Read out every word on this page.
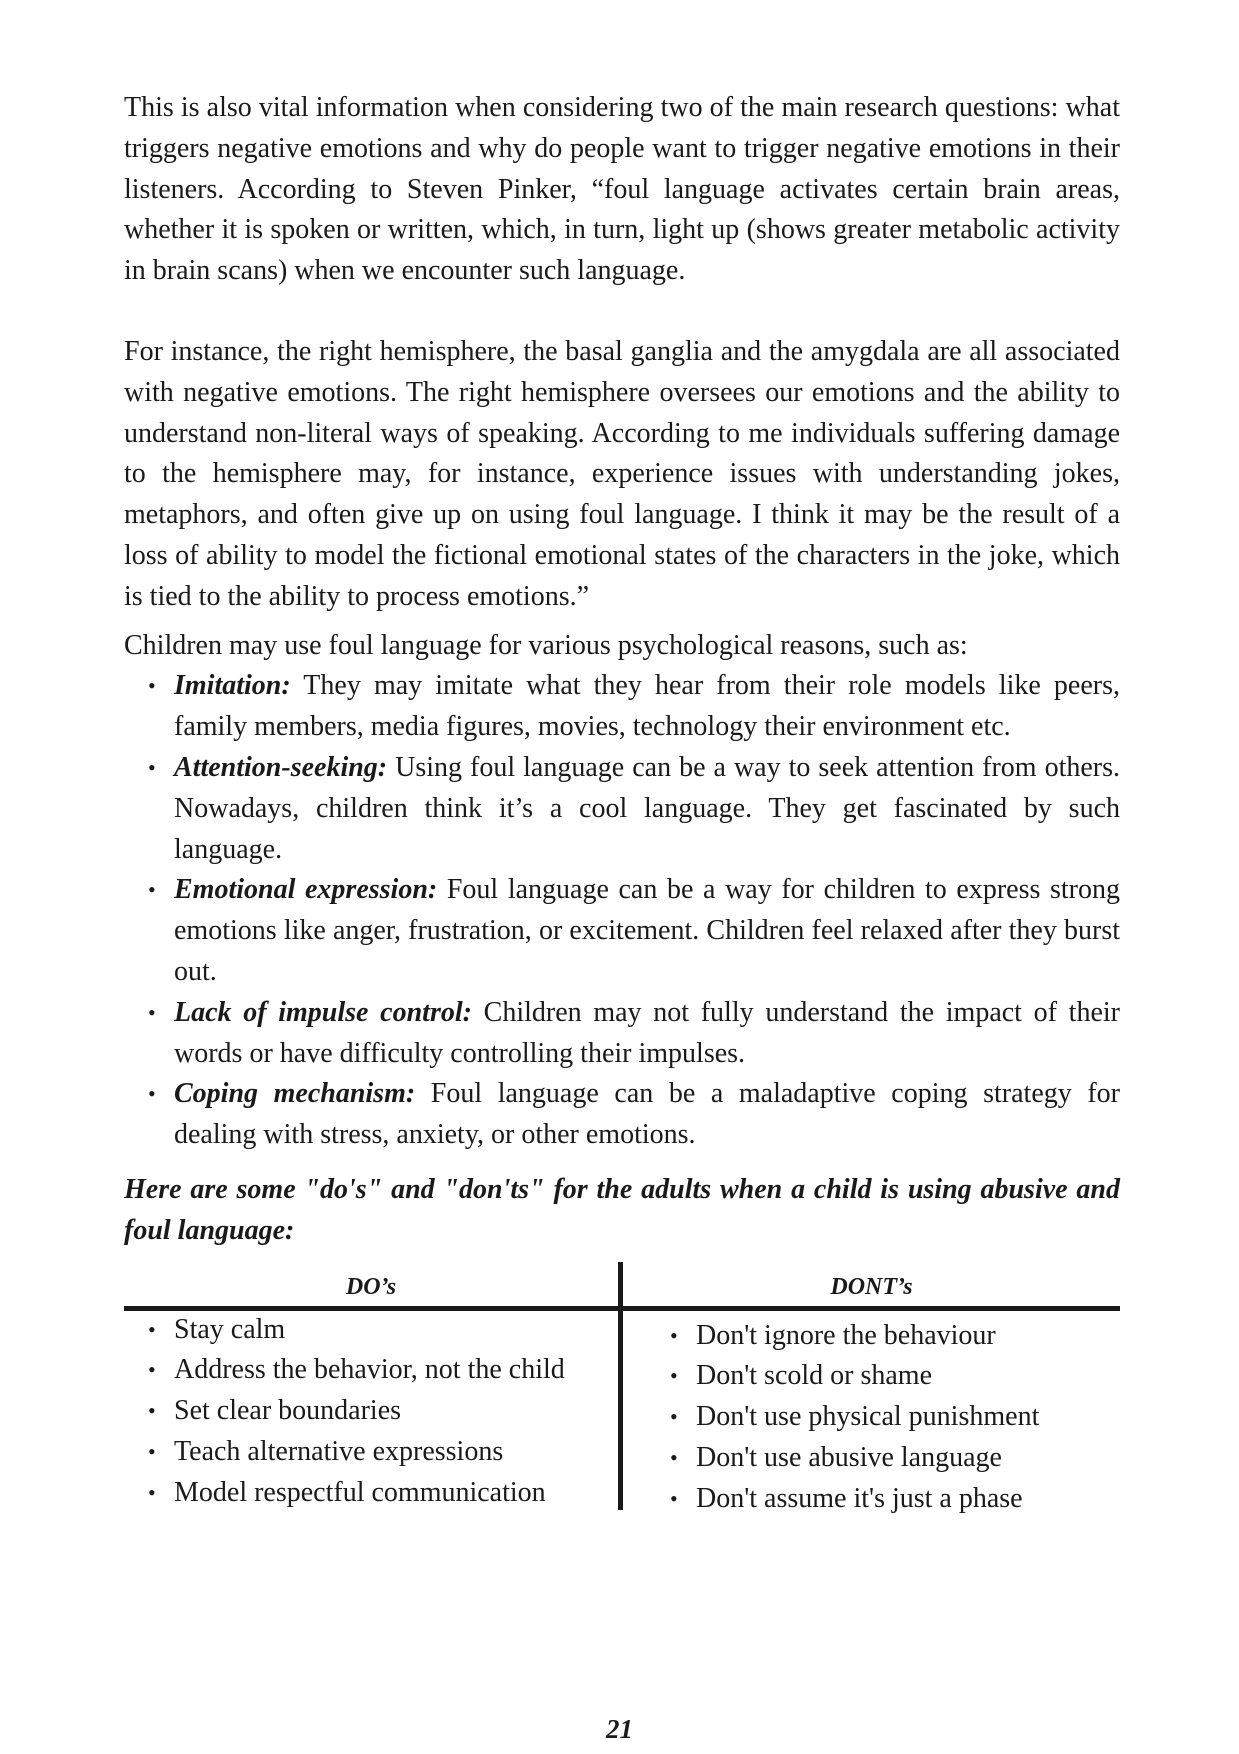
This is also vital information when considering two of the main research questions: what triggers negative emotions and why do people want to trigger negative emotions in their listeners. According to Steven Pinker, “foul language activates certain brain areas, whether it is spoken or written, which, in turn, light up (shows greater metabolic activity in brain scans) when we encounter such language.

For instance, the right hemisphere, the basal ganglia and the amygdala are all associated with negative emotions. The right hemisphere oversees our emotions and the ability to understand non-literal ways of speaking. According to me individuals suffering damage to the hemisphere may, for instance, experience issues with understanding jokes, metaphors, and often give up on using foul language. I think it may be the result of a loss of ability to model the fictional emotional states of the characters in the joke, which is tied to the ability to process emotions.”

Children may use foul language for various psychological reasons, such as:

• Imitation: They may imitate what they hear from their role models like peers, family members, media figures, movies, technology their environment etc.
• Attention-seeking: Using foul language can be a way to seek attention from others. Nowadays, children think it’s a cool language. They get fascinated by such language.
• Emotional expression: Foul language can be a way for children to express strong emotions like anger, frustration, or excitement. Children feel relaxed after they burst out.
• Lack of impulse control: Children may not fully understand the impact of their words or have difficulty controlling their impulses.
• Coping mechanism: Foul language can be a maladaptive coping strategy for dealing with stress, anxiety, or other emotions.

Here are some "do's" and "don'ts" for the adults when a child is using abusive and foul language:

DO’s	DONT’s
• Stay calm
• Address the behavior, not the child
• Set clear boundaries
• Teach alternative expressions
• Model respectful communication
• Don't ignore the behaviour
• Don't scold or shame
• Don't use physical punishment
• Don't use abusive language
• Don't assume it's just a phase
21
